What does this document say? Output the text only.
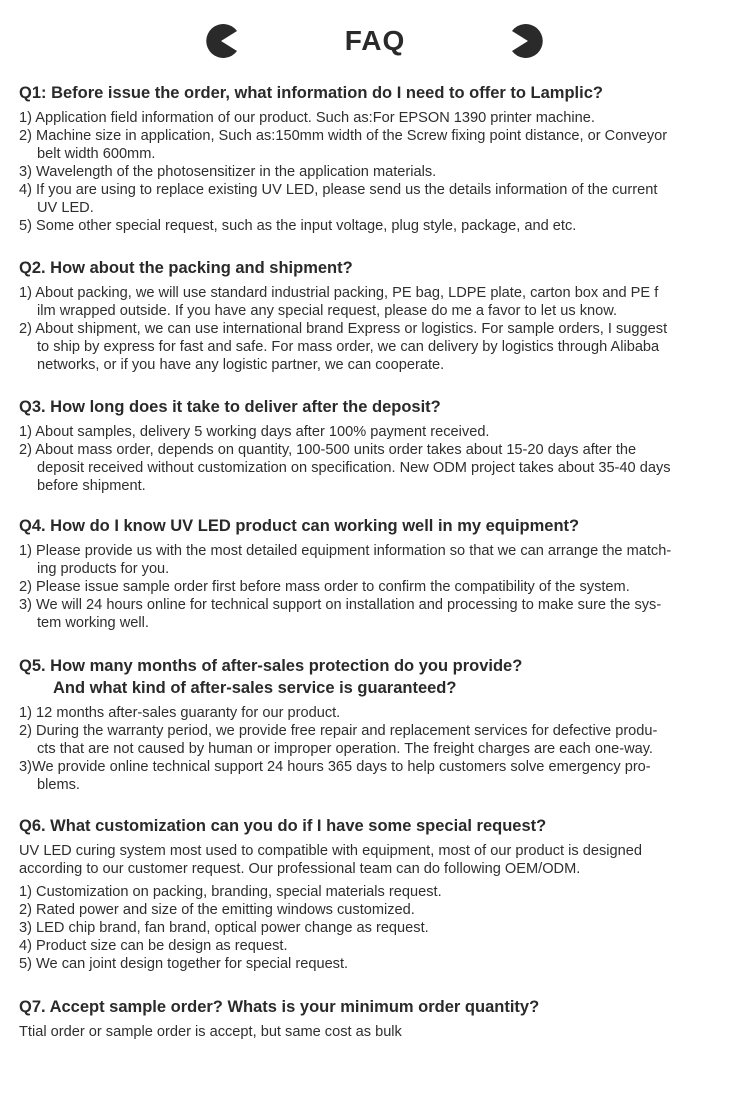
FAQ
Q1: Before issue the order, what information do I need to offer to Lamplic?
1) Application field information of our product. Such as:For EPSON 1390 printer machine.
2) Machine size in application, Such as:150mm width of the Screw fixing point distance, or Conveyor
belt width 600mm.
3) Wavelength of the photosensitizer in the application materials.
4) If you are using to replace existing UV LED, please send us the details information of the current
UV LED.
5) Some other special request, such as the input voltage, plug style, package, and etc.
Q2. How about the packing and shipment?
1) About packing, we will use standard industrial packing, PE bag, LDPE plate, carton box and PE f
ilm wrapped outside. If you have any special request, please do me a favor to let us know.
2) About shipment, we can use international brand Express or logistics. For sample orders, I suggest
to ship by express for fast and safe. For mass order, we can delivery by logistics through Alibaba
networks, or if you have any logistic partner, we can cooperate.
Q3. How long does it take to deliver after the deposit?
1) About samples, delivery 5 working days after 100% payment received.
2) About mass order, depends on quantity, 100-500 units order takes about 15-20 days after the
deposit received without customization on specification. New ODM project takes about 35-40 days
before shipment.
Q4. How do I know UV LED product can working well in my equipment?
1) Please provide us with the most detailed equipment information so that we can arrange the match-
ing products for you.
2) Please issue sample order first before mass order to confirm the compatibility of the system.
3) We will 24 hours online for technical support on installation and processing to make sure the sys-
tem working well.
Q5. How many months of after-sales protection do you provide?
And what kind of after-sales service is guaranteed?
1) 12 months after-sales guaranty for our product.
2) During the warranty period, we provide free repair and replacement services for defective produ-
cts that are not caused by human or improper operation. The freight charges are each one-way.
3)We provide online technical support 24 hours 365 days to help customers solve emergency pro-
blems.
Q6. What customization can you do if I have some special request?
UV LED curing system most used to compatible with equipment, most of our product is designed
according to our customer request. Our professional team can do following OEM/ODM.
1) Customization on packing, branding, special materials request.
2) Rated power and size of the emitting windows customized.
3) LED chip brand, fan brand, optical power change as request.
4) Product size can be design as request.
5) We can joint design together for special request.
Q7. Accept sample order? Whats is your minimum order quantity?
Ttial order or sample order is accept, but same cost as bulk
